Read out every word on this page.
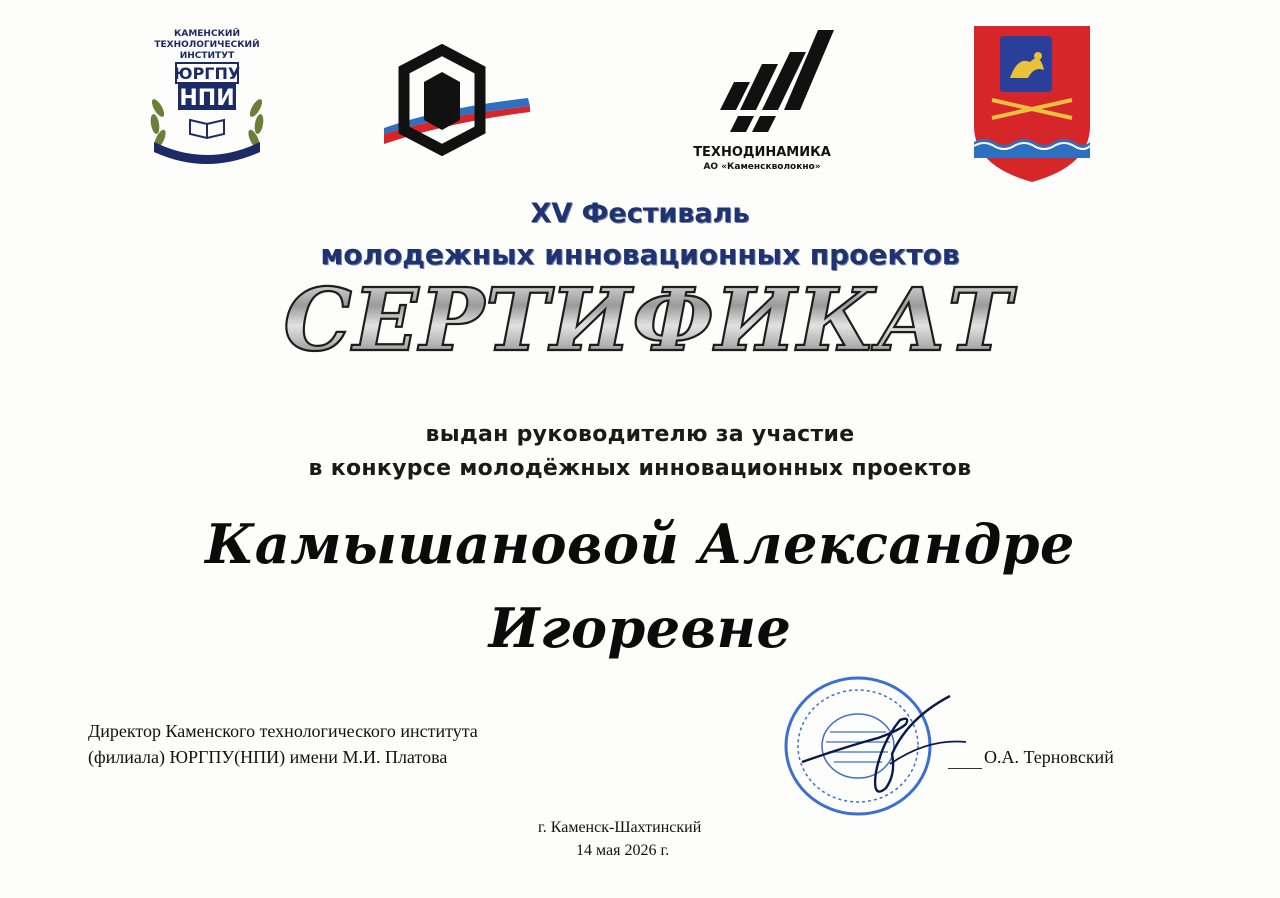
КАМЕНСКИЙ
ТЕХНОЛОГИЧЕСКИЙ
ИНСТИТУТ
ЮРГПУ
НПИ
ТЕХНОДИНАМИКА
АО «Каменскволокно»
XV Фестиваль
молодежных инновационных проектов
СЕРТИФИКАТ
выдан руководителю за участие
в конкурсе молодёжных инновационных проектов
Камышановой Александре
Игоревне
Директор Каменского технологического института
(филиала) ЮРГПУ(НПИ) имени М.И. Платова	О.А. Терновский
г. Каменск-Шахтинский
14 мая 2026 г.
